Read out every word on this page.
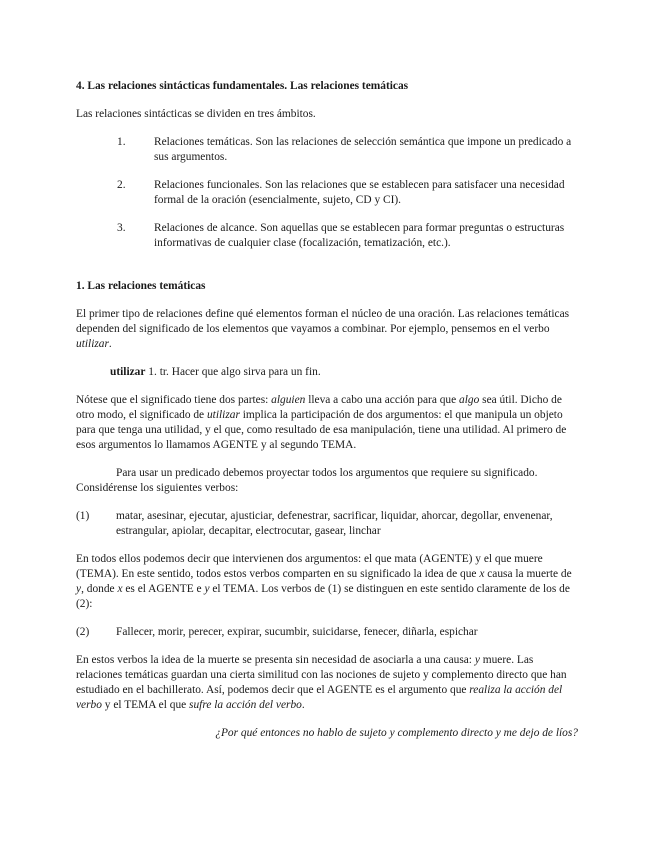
4. Las relaciones sintácticas fundamentales. Las relaciones temáticas

Las relaciones sintácticas se dividen en tres ámbitos.

1.	Relaciones temáticas. Son las relaciones de selección semántica que impone un predicado a sus argumentos.
2.	Relaciones funcionales. Son las relaciones que se establecen para satisfacer una necesidad formal de la oración (esencialmente, sujeto, CD y CI).
3.	Relaciones de alcance. Son aquellas que se establecen para formar preguntas o estructuras informativas de cualquier clase (focalización, tematización, etc.).

1. Las relaciones temáticas

El primer tipo de relaciones define qué elementos forman el núcleo de una oración. Las relaciones temáticas dependen del significado de los elementos que vayamos a combinar. Por ejemplo, pensemos en el verbo utilizar.

utilizar 1. tr. Hacer que algo sirva para un fin.

Nótese que el significado tiene dos partes: alguien lleva a cabo una acción para que algo sea útil. Dicho de otro modo, el significado de utilizar implica la participación de dos argumentos: el que manipula un objeto para que tenga una utilidad, y el que, como resultado de esa manipulación, tiene una utilidad. Al primero de esos argumentos lo llamamos AGENTE y al segundo TEMA.

Para usar un predicado debemos proyectar todos los argumentos que requiere su significado. Considérense los siguientes verbos:

(1)	matar, asesinar, ejecutar, ajusticiar, defenestrar, sacrificar, liquidar, ahorcar, degollar, envenenar, estrangular, apiolar, decapitar, electrocutar, gasear, linchar

En todos ellos podemos decir que intervienen dos argumentos: el que mata (AGENTE) y el que muere (TEMA). En este sentido, todos estos verbos comparten en su significado la idea de que x causa la muerte de y, donde x es el AGENTE e y el TEMA. Los verbos de (1) se distinguen en este sentido claramente de los de (2):

(2)	Fallecer, morir, perecer, expirar, sucumbir, suicidarse, fenecer, diñarla, espichar

En estos verbos la idea de la muerte se presenta sin necesidad de asociarla a una causa: y muere. Las relaciones temáticas guardan una cierta similitud con las nociones de sujeto y complemento directo que han estudiado en el bachillerato. Así, podemos decir que el AGENTE es el argumento que realiza la acción del verbo y el TEMA el que sufre la acción del verbo.

¿Por qué entonces no hablo de sujeto y complemento directo y me dejo de líos?
